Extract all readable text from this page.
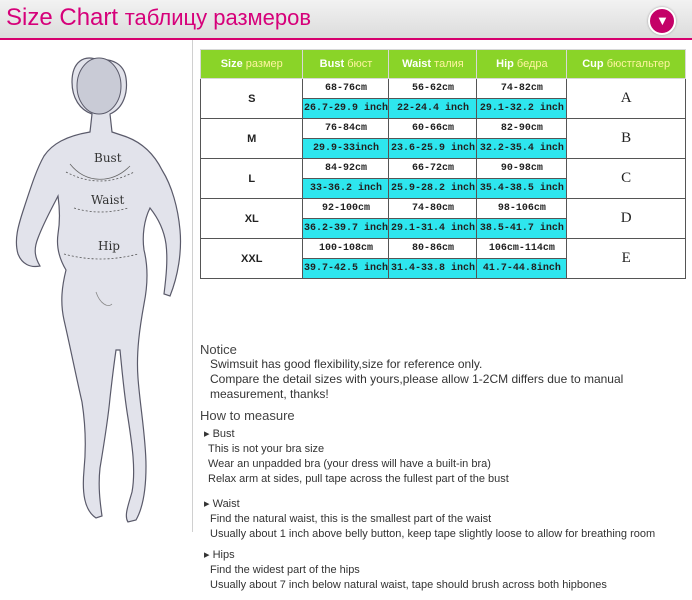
Size Chart таблицу размеров	▼
Bust
Waist
Hip
Size размер	Bust бюст	Waist талия	Hip бедра	Cup бюстгальтер
S	68-76cm	56-62cm	74-82cm	A
	26.7-29.9 inch	22-24.4 inch	29.1-32.2 inch	
M	76-84cm	60-66cm	82-90cm	B
	29.9-33inch	23.6-25.9 inch	32.2-35.4 inch	
L	84-92cm	66-72cm	90-98cm	C
	33-36.2 inch	25.9-28.2 inch	35.4-38.5 inch	
XL	92-100cm	74-80cm	98-106cm	D
	36.2-39.7 inch	29.1-31.4 inch	38.5-41.7 inch	
XXL	100-108cm	80-86cm	106cm-114cm	E
	39.7-42.5 inch	31.4-33.8 inch	41.7-44.8inch	
Notice
Swimsuit has good flexibility,size for reference only.
Compare the detail sizes with yours,please allow 1-2CM differs due to manual
measurement, thanks!
How to measure
▸ Bust
This is not your bra size
Wear an unpadded bra (your dress will have a built-in bra)
Relax arm at sides, pull tape across the fullest part of the bust
▸ Waist
Find the natural waist, this is the smallest part of the waist
Usually about 1 inch above belly button, keep tape slightly loose to allow for breathing room
▸ Hips
Find the widest part of the hips
Usually about 7 inch below natural waist, tape should brush across both hipbones
